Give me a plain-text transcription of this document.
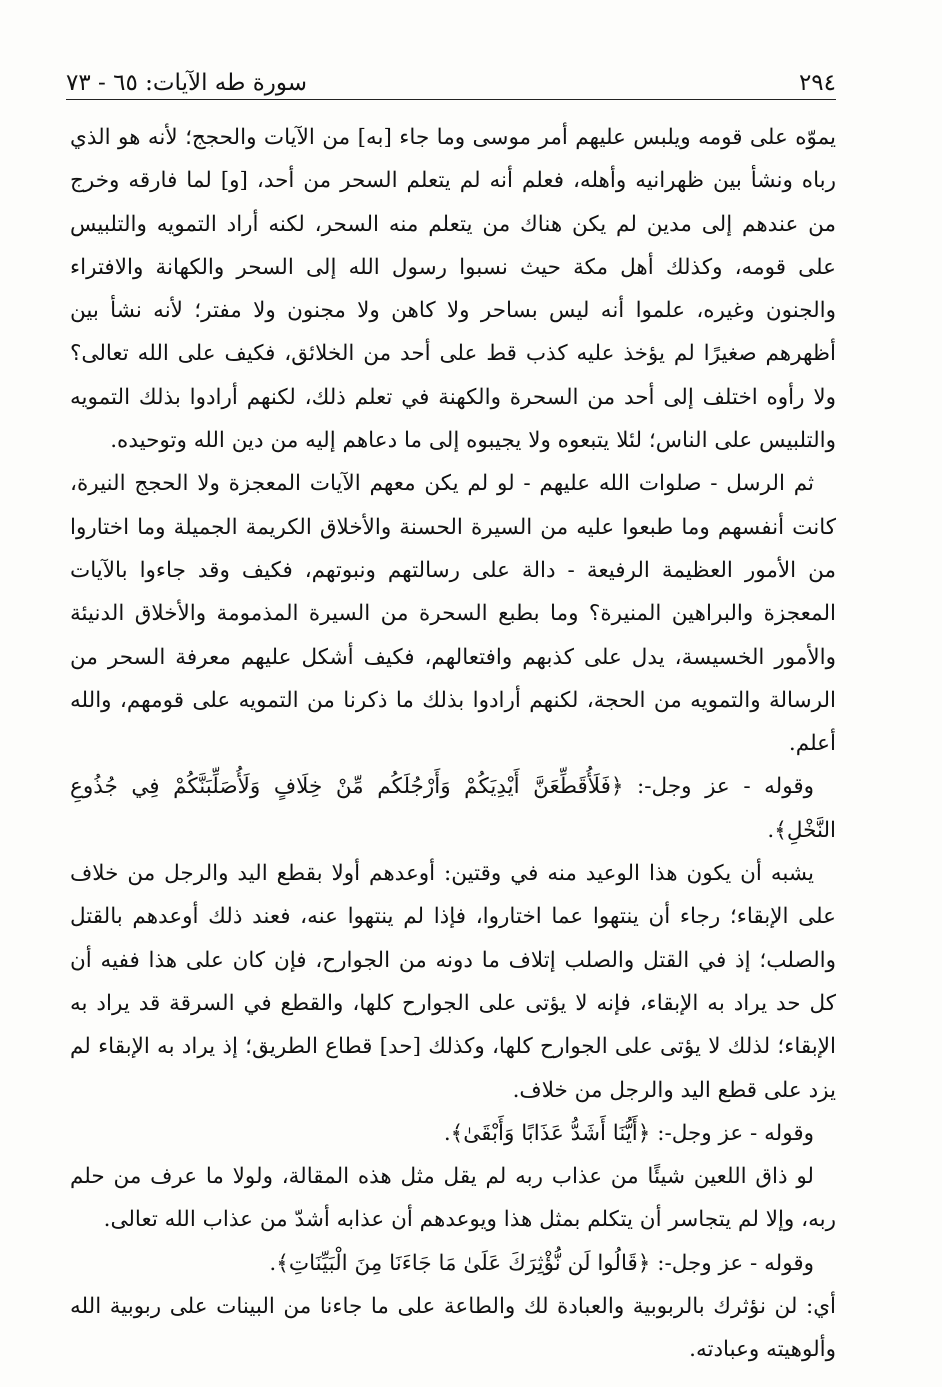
٢٩٤
سورة طه الآيات: ٦٥ - ٧٣

يموّه على قومه ويلبس عليهم أمر موسى وما جاء [به] من الآيات والحجج؛ لأنه هو الذي رباه ونشأ بين ظهرانيه وأهله، فعلم أنه لم يتعلم السحر من أحد، [و] لما فارقه وخرج من عندهم إلى مدين لم يكن هناك من يتعلم منه السحر، لكنه أراد التمويه والتلبيس على قومه، وكذلك أهل مكة حيث نسبوا رسول الله إلى السحر والكهانة والافتراء والجنون وغيره، علموا أنه ليس بساحر ولا كاهن ولا مجنون ولا مفتر؛ لأنه نشأ بين أظهرهم صغيرًا لم يؤخذ عليه كذب قط على أحد من الخلائق، فكيف على الله تعالى؟ ولا رأوه اختلف إلى أحد من السحرة والكهنة في تعلم ذلك، لكنهم أرادوا بذلك التمويه والتلبيس على الناس؛ لئلا يتبعوه ولا يجيبوه إلى ما دعاهم إليه من دين الله وتوحيده.

ثم الرسل - صلوات الله عليهم - لو لم يكن معهم الآيات المعجزة ولا الحجج النيرة، كانت أنفسهم وما طبعوا عليه من السيرة الحسنة والأخلاق الكريمة الجميلة وما اختاروا من الأمور العظيمة الرفيعة - دالة على رسالتهم ونبوتهم، فكيف وقد جاءوا بالآيات المعجزة والبراهين المنيرة؟ وما بطبع السحرة من السيرة المذمومة والأخلاق الدنيئة والأمور الخسيسة، يدل على كذبهم وافتعالهم، فكيف أشكل عليهم معرفة السحر من الرسالة والتمويه من الحجة، لكنهم أرادوا بذلك ما ذكرنا من التمويه على قومهم، والله أعلم.

وقوله - عز وجل-: ﴿فَلَأُقَطِّعَنَّ أَيْدِيَكُمْ وَأَرْجُلَكُم مِّنْ خِلَافٍ وَلَأُصَلِّبَنَّكُمْ فِي جُذُوعِ النَّخْلِ﴾.

يشبه أن يكون هذا الوعيد منه في وقتين: أوعدهم أولا بقطع اليد والرجل من خلاف على الإبقاء؛ رجاء أن ينتهوا عما اختاروا، فإذا لم ينتهوا عنه، فعند ذلك أوعدهم بالقتل والصلب؛ إذ في القتل والصلب إتلاف ما دونه من الجوارح، فإن كان على هذا ففيه أن كل حد يراد به الإبقاء، فإنه لا يؤتى على الجوارح كلها، والقطع في السرقة قد يراد به الإبقاء؛ لذلك لا يؤتى على الجوارح كلها، وكذلك [حد] قطاع الطريق؛ إذ يراد به الإبقاء لم يزد على قطع اليد والرجل من خلاف.

وقوله - عز وجل-: ﴿أَيُّنَا أَشَدُّ عَذَابًا وَأَبْقَىٰ﴾.

لو ذاق اللعين شيئًا من عذاب ربه لم يقل مثل هذه المقالة، ولولا ما عرف من حلم ربه، وإلا لم يتجاسر أن يتكلم بمثل هذا ويوعدهم أن عذابه أشدّ من عذاب الله تعالى.

وقوله - عز وجل-: ﴿قَالُوا لَن نُّؤْثِرَكَ عَلَىٰ مَا جَاءَنَا مِنَ الْبَيِّنَاتِ﴾.

أي: لن نؤثرك بالربوبية والعبادة لك والطاعة على ما جاءنا من البينات على ربوبية الله وألوهيته وعبادته.
